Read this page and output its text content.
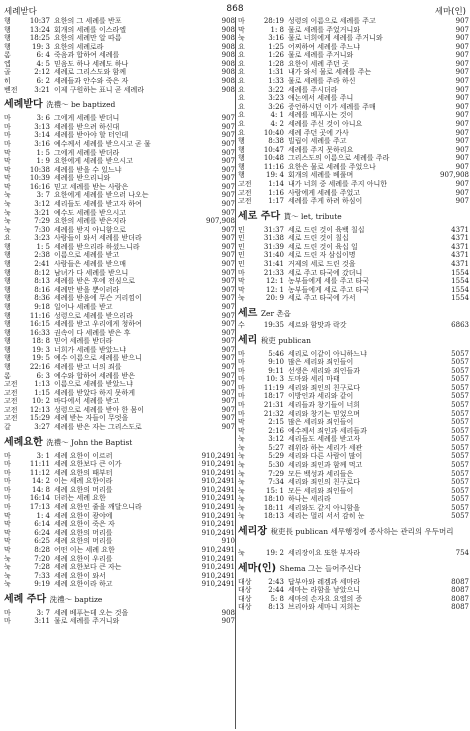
세례받다	868	세마(인)
행	10:37 요한의 그 세례를 반포	908
행	13:24 회개의 세례를 이스라엘	908
행	18:25 요한의 세례만 알 따름	908
행	19: 3 요한의 세례로라	908
롬	6: 4 죽음과 합하여 세례를	908
엡	4: 5 믿음도 하나 세례도 하나	908
골	2:12 세례로 그리스도와 함께	908
히	6: 2 세례들과 안수와 죽은 자	908
벧전	3:21 이제 구원하는 표니 곧 세례라	908
세례받다 洗禮～ be baptized
마	3: 6 그에게 세례를 받더니	907
마	3:13 세례를 받으려 하신대	907
마	3:14 세례를 받아야 할 터인데	907
마	3:16 예수께서 세례를 받으시고 곧 물	907
막	1: 5 그에게 세례를 받더라	907
막	1: 9 요한에게 세례를 받으시고	907
막	10:38 세례를 받을 수 있느냐	907
막	10:39 세례를 받으리니와	907
막	16:16 믿고 세례를 받는 사람은	907
눅	3: 7 요한에게 세례를 받으러 나오는	907
눅	3:12 세리들도 세례를 받고자 하여	907
눅	3:21 예수도 세례를 받으시고	907
눅	7:29 요한의 세례를 받은지라	907,908
눅	7:30 세례를 받지 아니함으로	907
요	3:23 사람들이 와서 세례를 받더라	907
행	1: 5 세례를 받으리라 하셨느니라	907
행	2:38 이름으로 세례를 받고	907
행	2:41 사람들은 세례를 받으매	907
행	8:12 남녀가 다 세례를 받으니	907
행	8:13 세례를 받은 후에 전심으로	907
행	8:16 세례만 받을 뿐이러라	907
행	8:36 세례를 받음에 무슨 거리낌이	907
행	9:18 일어나 세례를 받고	907
행	11:16 성령으로 세례를 받으리라	907
행	16:15 세례를 받고 우리에게 청하여	907
행	16:33 권속이 다 세례를 받은 후	907
행	18: 8 믿어 세례를 받더라	907
행	19: 3 너희가 세례를 받았느냐	907
행	19: 5 예수 이름으로 세례를 받으니	907
행	22:16 세례를 받고 너의 죄를	907
롬	6: 3 예수와 합하여 세례를 받은	907
고전	1:13 이름으로 세례를 받았느냐	907
고전	1:15 세례를 받았다 하지 못하게	907
고전	10: 2 바다에서 세례를 받고	907
고전	12:13 성령으로 세례를 받아 한 몸이	907
고전	15:29 세례 받는 자들이 무엇을	907
갈	3:27 세례를 받은 자는 그리스도로	907
세례요한 洗禮～ John the Baptist
마	3: 1 세례 요한이 이르러	910,2491
마	11:11 세례 요한보다 큰 이가	910,2491
마	11:12 세례 요한의 때부터	910,2491
마	14: 2 이는 세례 요한이라	910,2491
마	14: 8 세례 요한의 머리를	910,2491
마	16:14 더러는 세례 요한	910,2491
마	17:13 세례 요한인 줄을 깨달으니라	910,2491
막	1: 4 세례 요한이 광야에	910,2491
막	6:14 세례 요한이 죽은 자	910,2491
막	6:24 세례 요한의 머리를	910,2491
막	6:25 세례 요한의 머리를	910
막	8:28 어떤 이는 세례 요한	910,2491
눅	7:20 세례 요한이 우리를	910,2491
눅	7:28 세례 요한보다 큰 자는	910,2491
눅	7:33 세례 요한이 와서	910,2491
눅	9:19 세례 요한이라 하고	910,2491
세례 주다 洗禮～ baptize
마	3: 7 세례 베푸는데 오는 것을	908
마	3:11 물로 세례를 주거니와	907
마	28:19 성령의 이름으로 세례를 주고	907
막	1: 8 물로 세례를 주었거니와	907
눅	3:16 물로 너희에게 세례를 주거니와	907
요	1:25 어찌하여 세례를 주느냐	907
요	1:26 물로 세례를 주거니와	907
요	1:28 요한이 세례 주던 곳	907
요	1:31 내가 와서 물로 세례를 주는	907
요	1:33 물로 세례를 주라 하신	907
요	3:22 세례를 주시더라	907
요	3:23 애논에서 세례를 주니	907
요	3:26 증언하시던 이가 세례를 주매	907
요	4: 1 세례를 베푸시는 것이	907
요	4: 2 세례를 주신 것이 아니요	907
요	10:40 세례 주던 곳에 가사	907
행	8:38 빌립이 세례를 주고	907
행	10:47 세례를 주지 못하리요	907
행	10:48 그리스도의 이름으로 세례를 주라	907
행	11:16 요한은 물로 세례를 주었으나	907
행	19: 4 회개의 세례를 베풀며	907,908
고전	1:14 내가 너희 중 세례를 주지 아니한	907
고전	1:16 사람에게 세례를 주었고	907
고전	1:17 세례를 주게 하려 하심이	907
세로 주다 貰～ let, tribute
민	31:37 세로 드린 것이 육백 칠십	4371
민	31:38 세로 드린 것이 칠십	4371
민	31:39 세로 드린 것이 육십 일	4371
민	31:40 세로 드린 자 삼십이명	4371
민	31:41 거제의 세로 드린 것을	4371
마	21:33 세로 주고 타국에 갔더니	1554
막	12: 1 농부들에게 세를 주고 타국	1554
막	12: 1 농부들에게 세로 주고 타국	1554
눅	20: 9 세로 주고 타국에 가서	1554
세르 Zer 촌읍
수	19:35 세르와 함맛과 락갓	6863
세리 稅吏 publican
마	5:46 세리로 이같이 아니하느냐	5057
마	9:10 많은 세리와 죄인들이	5057
마	9:11 선생은 세리와 죄인들과	5057
마	10: 3 도마와 세리 마태	5057
마	11:19 세리와 죄인의 친구로다	5057
마	18:17 이방인과 세리와 같이	5057
마	21:31 세리들과 창기들이 너희	5057
마	21:32 세리와 창기는 믿었으며	5057
막	2:15 많은 세리와 죄인들이	5057
막	2:16 예수께서 죄인과 세리들과	5057
눅	3:12 세리들도 세례를 받고자	5057
눅	5:27 레위라 하는 세리가 세관	5057
눅	5:29 세리와 다른 사람이 많이	5057
눅	5:30 세리와 죄인과 함께 먹고	5057
눅	7:29 모든 백성과 세리들은	5057
눅	7:34 세리와 죄인의 친구로다	5057
눅	15: 1 모든 세리와 죄인들이	5057
눅	18:10 하나는 세리라	5057
눅	18:11 세리와도 같지 아니함을	5057
눅	18:13 세리는 멀리 서서 감히 눈	5057
세리장 稅吏長 publican 세무행정에 종사하는 관리의 우두머리
눅	19: 2 세리장이요 또한 부자라	754
세마(인) Shema 그는 들어주신다
대상	2:43 답부아와 레겜과 세마라	8087
대상	2:44 세마는 라함을 낳았으니	8087
대상	5: 8 세마의 손자요 요엘의 증	8087
대상	8:13 브리아와 세마니 저희는	8087
